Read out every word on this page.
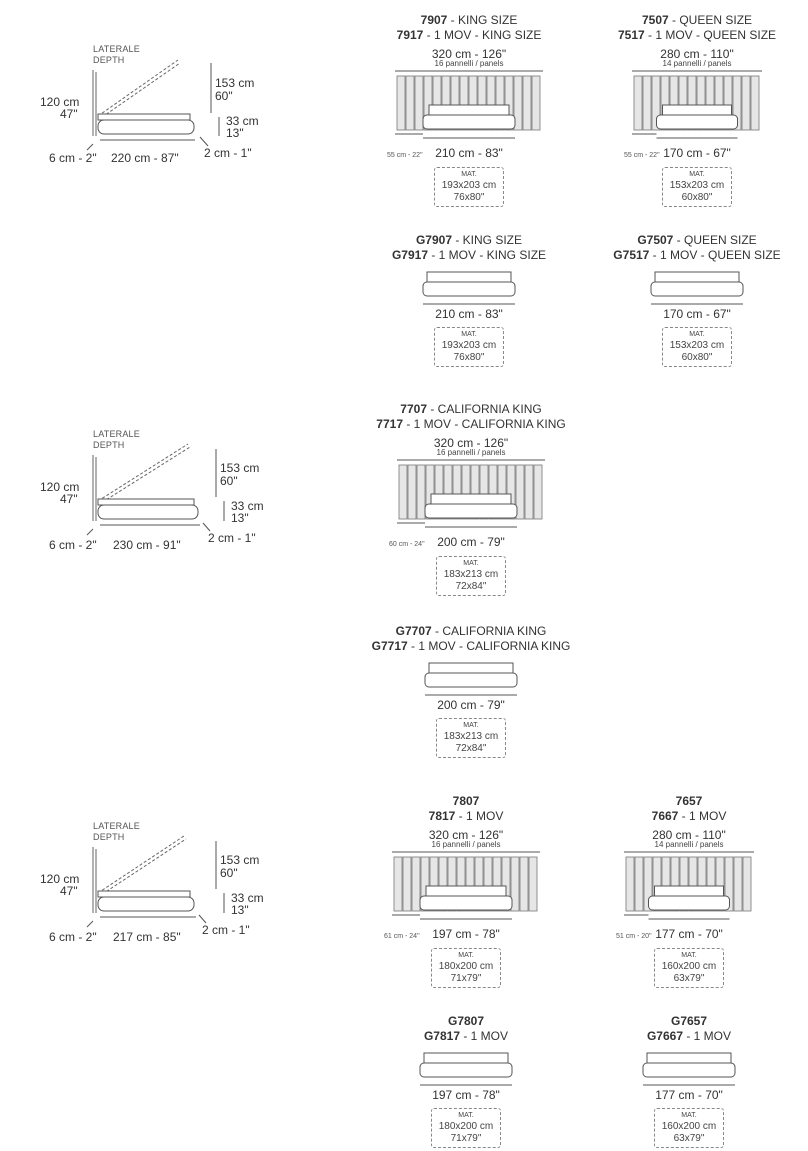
LATERALE
DEPTH
120 cm
47"
153 cm
60"
33 cm
13"
6 cm - 2" 220 cm - 87" 2 cm - 1"
LATERALE
DEPTH
120 cm
47"
153 cm
60"
33 cm
13"
6 cm - 2" 230 cm - 91" 2 cm - 1"
LATERALE
DEPTH
120 cm
47"
153 cm
60"
33 cm
13"
6 cm - 2" 217 cm - 85" 2 cm - 1"
7907 - KING SIZE
7917 - 1 MOV - KING SIZE
320 cm - 126"
16 pannelli / panels
55 cm - 22" 210 cm - 83"
MAT.
193x203 cm
76x80"
7507 - QUEEN SIZE
7517 - 1 MOV - QUEEN SIZE
280 cm - 110"
14 pannelli / panels
55 cm - 22" 170 cm - 67"
MAT.
153x203 cm
60x80"
G7907 - KING SIZE
G7917 - 1 MOV - KING SIZE
210 cm - 83"
MAT.
193x203 cm
76x80"
G7507 - QUEEN SIZE
G7517 - 1 MOV - QUEEN SIZE
170 cm - 67"
MAT.
153x203 cm
60x80"
7707 - CALIFORNIA KING
7717 - 1 MOV - CALIFORNIA KING
320 cm - 126"
16 pannelli / panels
60 cm - 24" 200 cm - 79"
MAT.
183x213 cm
72x84"
G7707 - CALIFORNIA KING
G7717 - 1 MOV - CALIFORNIA KING
200 cm - 79"
MAT.
183x213 cm
72x84"
7807
7817 - 1 MOV
320 cm - 126"
16 pannelli / panels
61 cm - 24" 197 cm - 78"
MAT.
180x200 cm
71x79"
7657
7667 - 1 MOV
280 cm - 110"
14 pannelli / panels
51 cm - 20" 177 cm - 70"
MAT.
160x200 cm
63x79"
G7807
G7817 - 1 MOV
197 cm - 78"
MAT.
180x200 cm
71x79"
G7657
G7667 - 1 MOV
177 cm - 70"
MAT.
160x200 cm
63x79"
